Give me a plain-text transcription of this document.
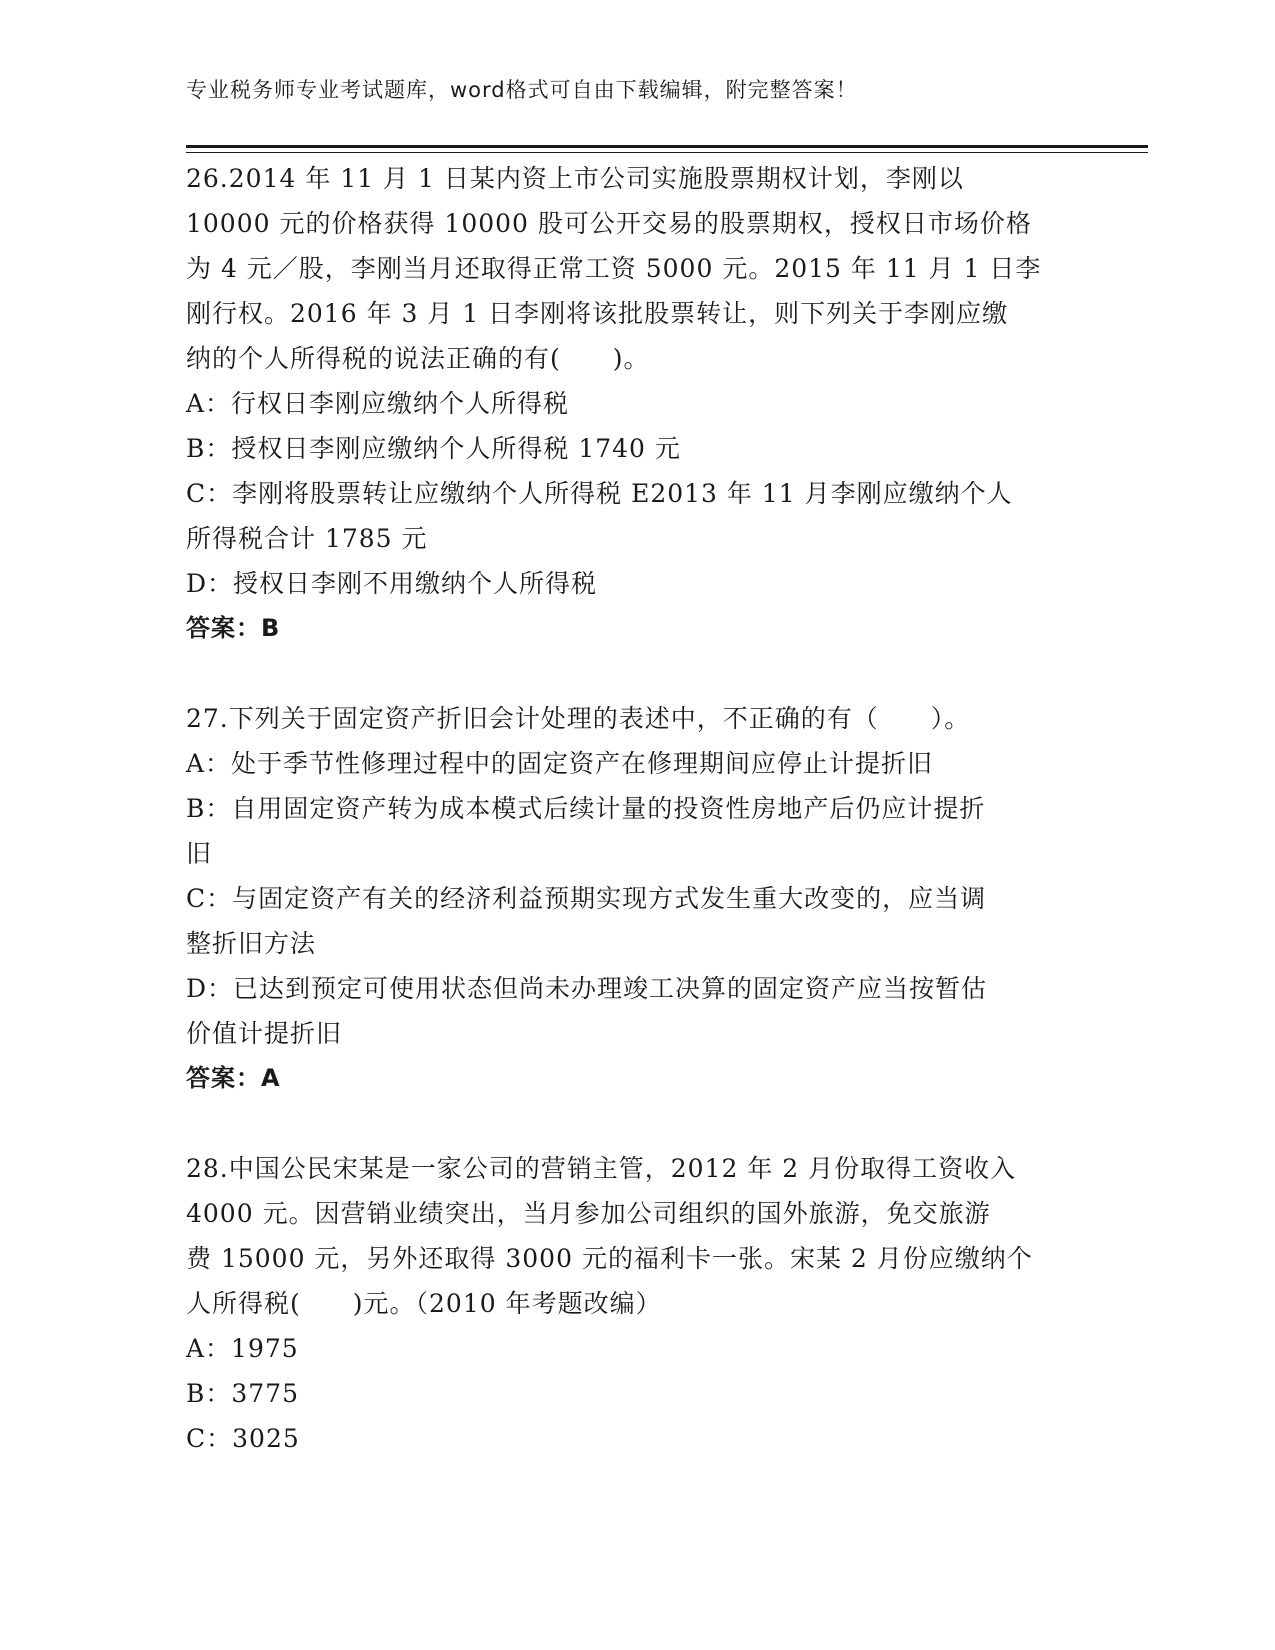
专业税务师专业考试题库，word格式可自由下载编辑，附完整答案！
26.2014 年 11 月 1 日某内资上市公司实施股票期权计划，李刚以
10000 元的价格获得 10000 股可公开交易的股票期权，授权日市场价格
为 4 元／股，李刚当月还取得正常工资 5000 元。2015 年 11 月 1 日李
刚行权。2016 年 3 月 1 日李刚将该批股票转让，则下列关于李刚应缴
纳的个人所得税的说法正确的有(　　)。
A：行权日李刚应缴纳个人所得税
B：授权日李刚应缴纳个人所得税 1740 元
C：李刚将股票转让应缴纳个人所得税 E2013 年 11 月李刚应缴纳个人
所得税合计 1785 元
D：授权日李刚不用缴纳个人所得税
答案：B
27.下列关于固定资产折旧会计处理的表述中，不正确的有（　　）。
A：处于季节性修理过程中的固定资产在修理期间应停止计提折旧
B：自用固定资产转为成本模式后续计量的投资性房地产后仍应计提折
旧
C：与固定资产有关的经济利益预期实现方式发生重大改变的，应当调
整折旧方法
D：已达到预定可使用状态但尚未办理竣工决算的固定资产应当按暂估
价值计提折旧
答案：A
28.中国公民宋某是一家公司的营销主管，2012 年 2 月份取得工资收入
4000 元。因营销业绩突出，当月参加公司组织的国外旅游，免交旅游
费 15000 元，另外还取得 3000 元的福利卡一张。宋某 2 月份应缴纳个
人所得税(　　)元。（2010 年考题改编）
A：1975
B：3775
C：3025
